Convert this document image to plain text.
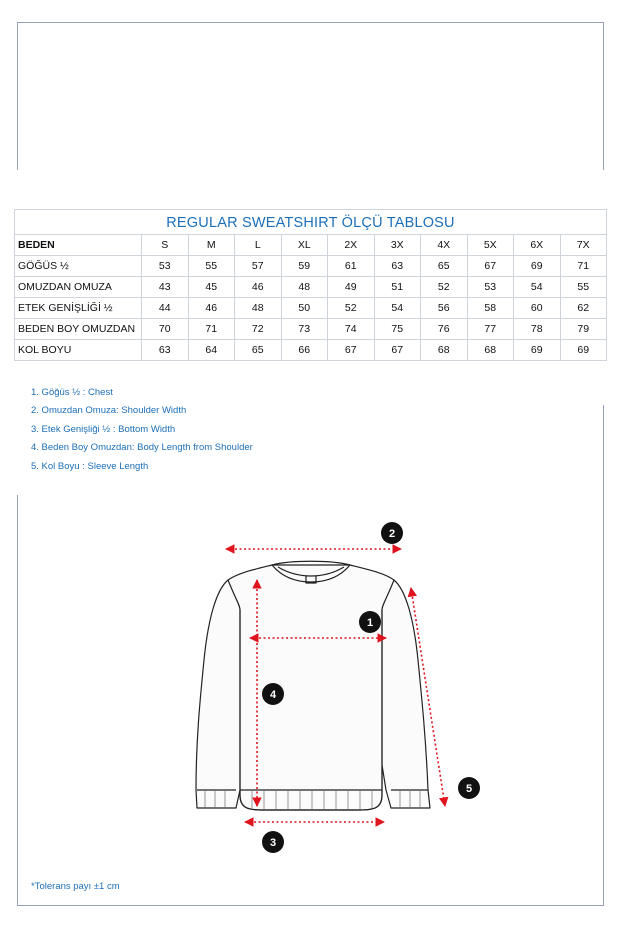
REGULAR SWEATSHIRT ÖLÇÜ TABLOSU
BEDEN	S	M	L	XL	2X	3X	4X	5X	6X	7X
GÖĞÜS ½	53	55	57	59	61	63	65	67	69	71
OMUZDAN OMUZA	43	45	46	48	49	51	52	53	54	55
ETEK GENİŞLİĞİ ½	44	46	48	50	52	54	56	58	60	62
BEDEN BOY OMUZDAN	70	71	72	73	74	75	76	77	78	79
KOL BOYU	63	64	65	66	67	67	68	68	69	69
1. Göğüs ½ : Chest
2. Omuzdan Omuza: Shoulder Width
3. Etek Genişliği ½ : Bottom Width
4. Beden Boy Omuzdan: Body Length from Shoulder
5. Kol Boyu : Sleeve Length
1
2
3
4
5
*Tolerans payı ±1 cm
